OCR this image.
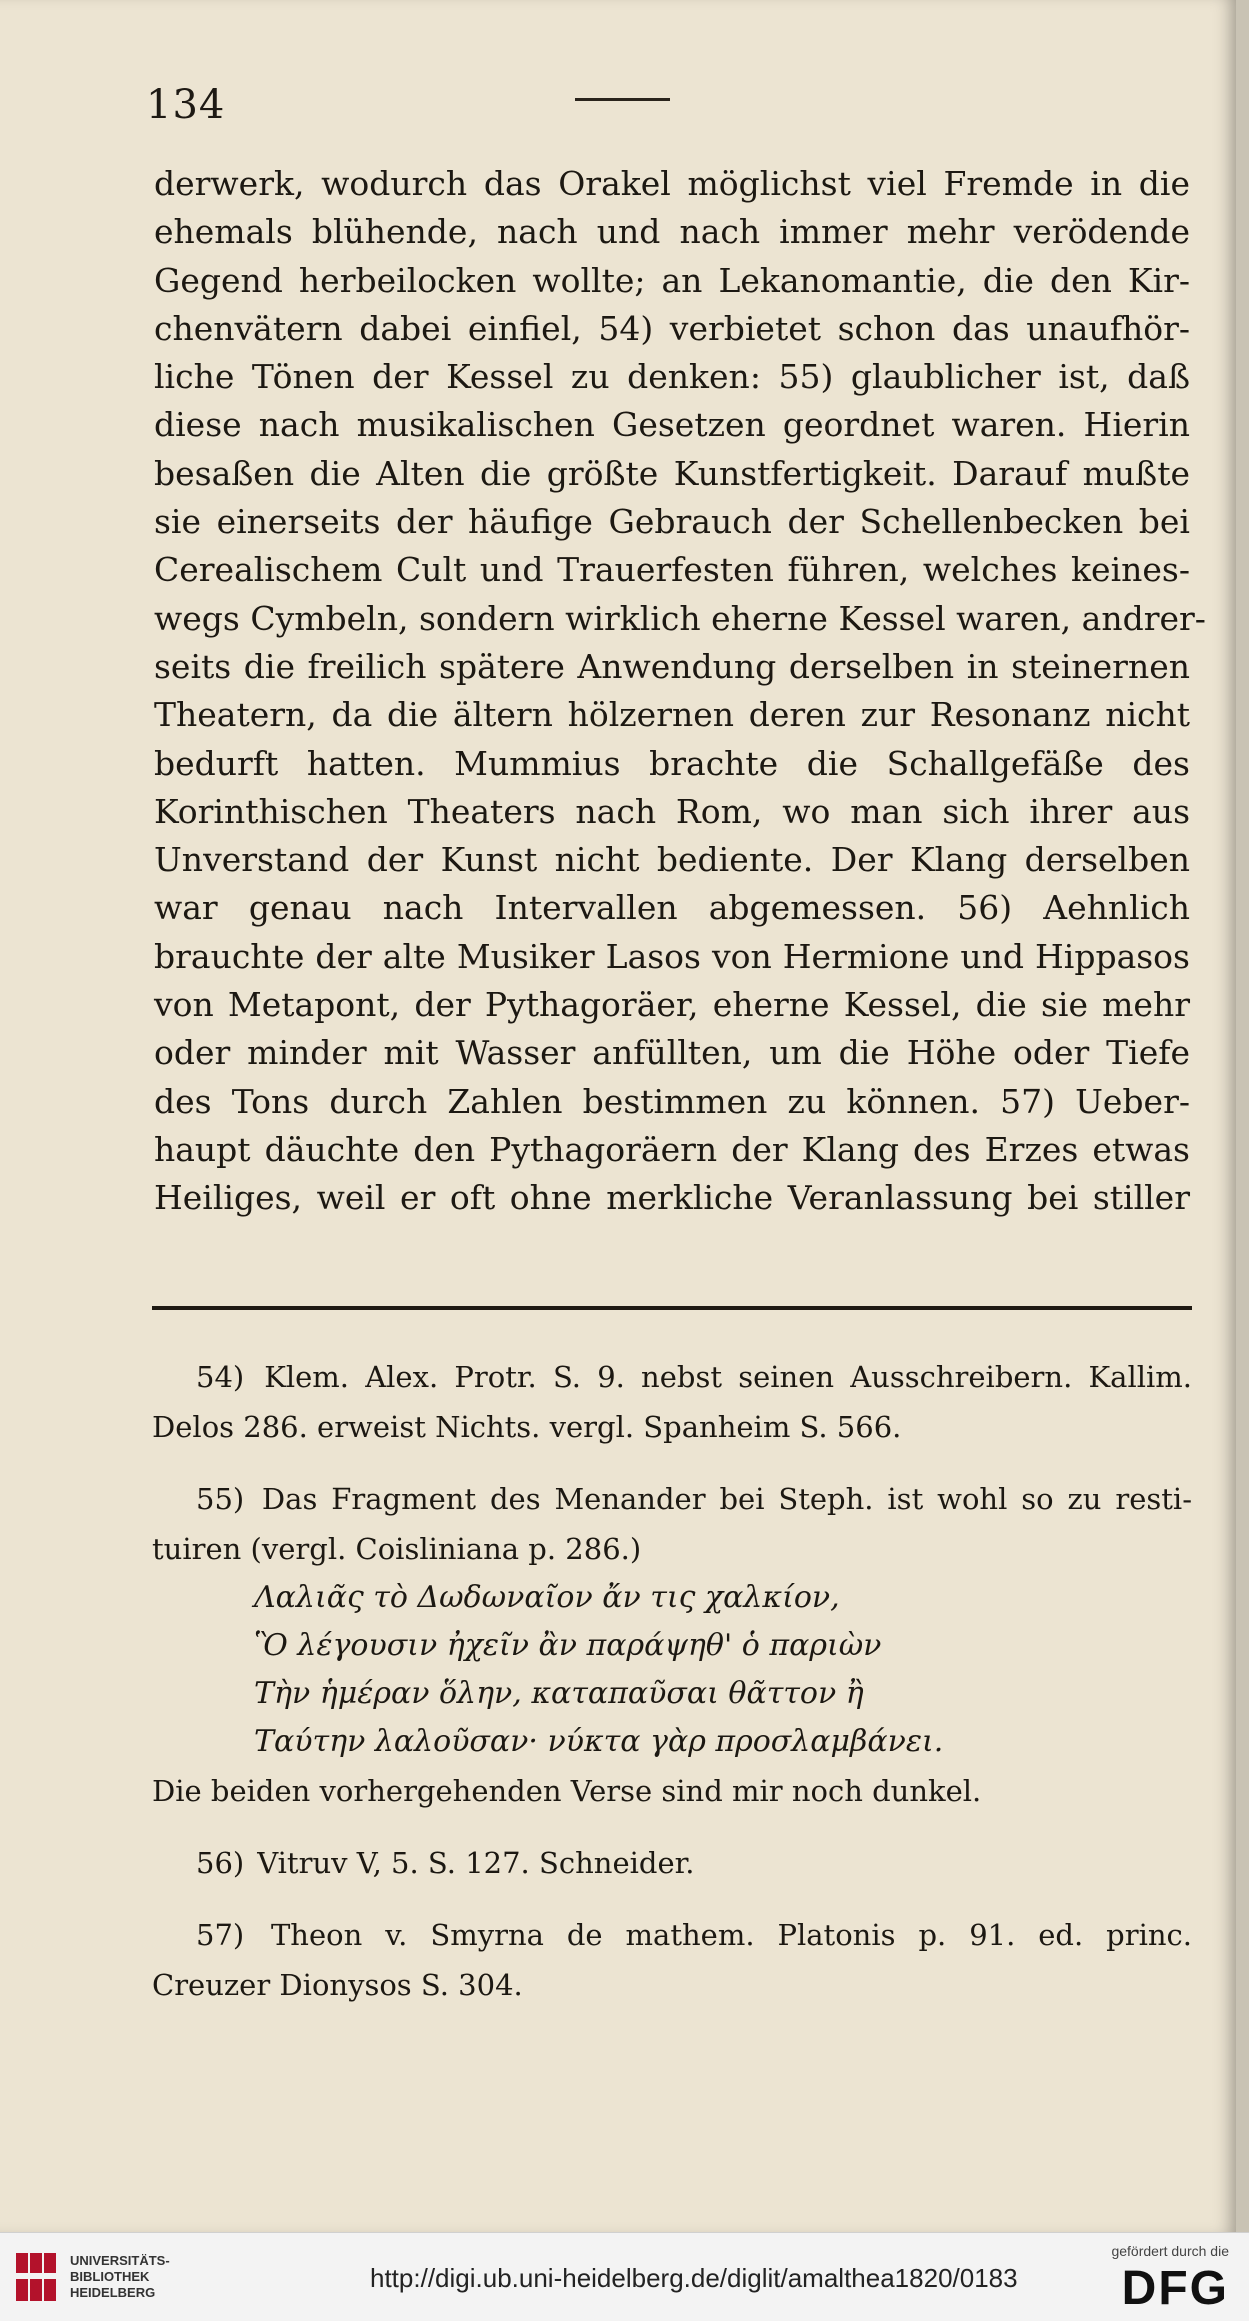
134
derwerk, wodurch das Orakel möglichst viel Fremde in die
ehemals blühende, nach und nach immer mehr verödende
Gegend herbeilocken wollte; an Lekanomantie, die den Kir-
chenvätern dabei einfiel, 54) verbietet schon das unaufhör-
liche Tönen der Kessel zu denken: 55) glaublicher ist, daß
diese nach musikalischen Gesetzen geordnet waren. Hierin
besaßen die Alten die größte Kunstfertigkeit. Darauf mußte
sie einerseits der häufige Gebrauch der Schellenbecken bei
Cerealischem Cult und Trauerfesten führen, welches keines-
wegs Cymbeln, sondern wirklich eherne Kessel waren, andrer-
seits die freilich spätere Anwendung derselben in steinernen
Theatern, da die ältern hölzernen deren zur Resonanz nicht
bedurft hatten. Mummius brachte die Schallgefäße des
Korinthischen Theaters nach Rom, wo man sich ihrer aus
Unverstand der Kunst nicht bediente. Der Klang derselben
war genau nach Intervallen abgemessen. 56) Aehnlich
brauchte der alte Musiker Lasos von Hermione und Hippasos
von Metapont, der Pythagoräer, eherne Kessel, die sie mehr
oder minder mit Wasser anfüllten, um die Höhe oder Tiefe
des Tons durch Zahlen bestimmen zu können. 57) Ueber-
haupt däuchte den Pythagoräern der Klang des Erzes etwas
Heiliges, weil er oft ohne merkliche Veranlassung bei stiller
54) Klem. Alex. Protr. S. 9. nebst seinen Ausschreibern. Kallim.
Delos 286. erweist Nichts. vergl. Spanheim S. 566.
55) Das Fragment des Menander bei Steph. ist wohl so zu resti-
tuiren (vergl. Coisliniana p. 286.)
Λαλιᾶς τὸ Δωδωναῖον ἄν τις χαλκίον,
Ὃ λέγουσιν ἠχεῖν ἂν παράψηθ' ὁ παριὼν
Τὴν ἡμέραν ὅλην, καταπαῦσαι θᾶττον ἢ
Ταύτην λαλοῦσαν· νύκτα γὰρ προσλαμβάνει.
Die beiden vorhergehenden Verse sind mir noch dunkel.
56) Vitruv V, 5. S. 127. Schneider.
57) Theon v. Smyrna de mathem. Platonis p. 91. ed. princ.
Creuzer Dionysos S. 304.
UNIVERSITÄTS-
BIBLIOTHEK
HEIDELBERG	http://digi.ub.uni-heidelberg.de/diglit/amalthea1820/0183
gefördert durch die
DFG
